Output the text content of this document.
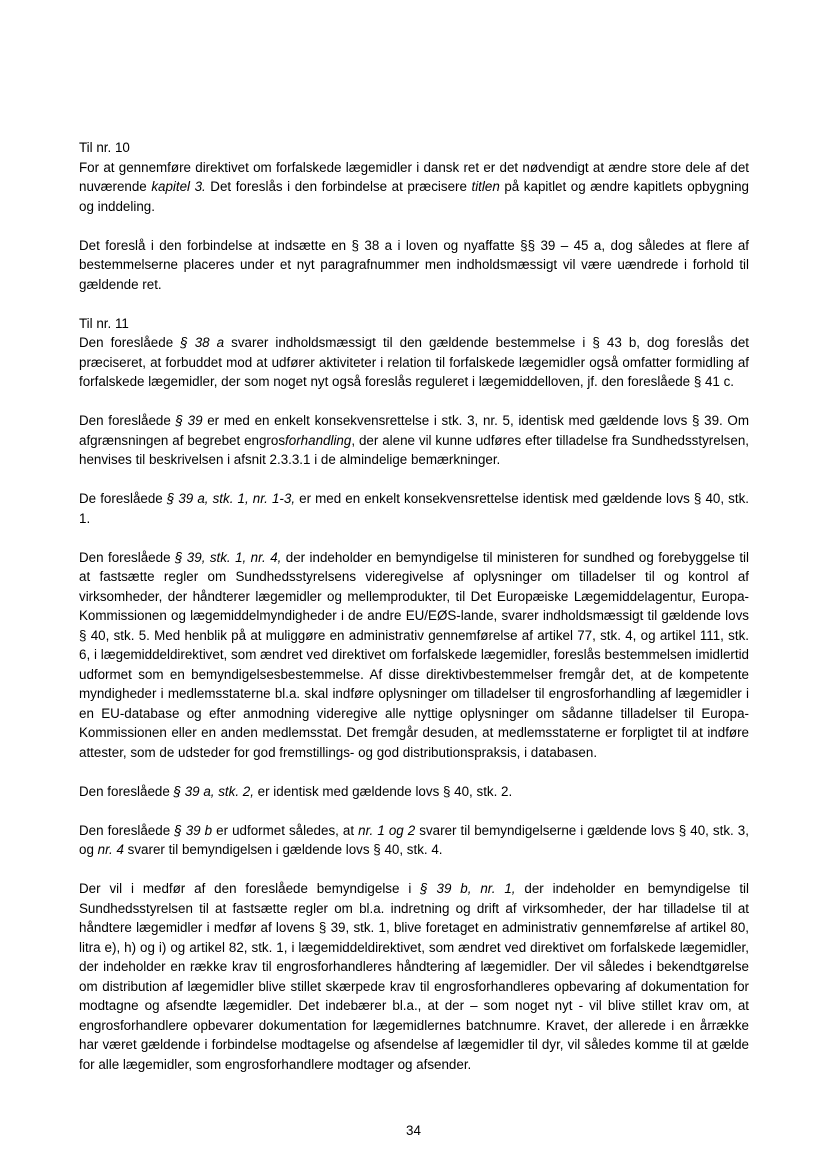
Til nr. 10
For at gennemføre direktivet om forfalskede lægemidler i dansk ret er det nødvendigt at ændre store dele af det nuværende kapitel 3. Det foreslås i den forbindelse at præcisere titlen på kapitlet og ændre kapitlets opbygning og inddeling.

Det foreslå i den forbindelse at indsætte en § 38 a i loven og nyaffatte §§ 39 – 45 a, dog således at flere af bestemmelserne placeres under et nyt paragrafnummer men indholdsmæssigt vil være uændrede i forhold til gældende ret.

Til nr. 11
Den foreslåede § 38 a svarer indholdsmæssigt til den gældende bestemmelse i § 43 b, dog foreslås det præciseret, at forbuddet mod at udfører aktiviteter i relation til forfalskede lægemidler også omfatter formidling af forfalskede lægemidler, der som noget nyt også foreslås reguleret i lægemiddelloven, jf. den foreslåede § 41 c.

Den foreslåede § 39 er med en enkelt konsekvensrettelse i stk. 3, nr. 5, identisk med gældende lovs § 39. Om afgrænsningen af begrebet engrosforhandling, der alene vil kunne udføres efter tilladelse fra Sundhedsstyrelsen, henvises til beskrivelsen i afsnit 2.3.3.1 i de almindelige bemærkninger.

De foreslåede § 39 a, stk. 1, nr. 1-3, er med en enkelt konsekvensrettelse identisk med gældende lovs § 40, stk. 1.

Den foreslåede § 39, stk. 1, nr. 4, der indeholder en bemyndigelse til ministeren for sundhed og forebyggelse til at fastsætte regler om Sundhedsstyrelsens videregivelse af oplysninger om tilladelser til og kontrol af virksomheder, der håndterer lægemidler og mellemprodukter, til Det Europæiske Lægemiddelagentur, Europa-Kommissionen og lægemiddelmyndigheder i de andre EU/EØS-lande, svarer indholdsmæssigt til gældende lovs § 40, stk. 5. Med henblik på at muliggøre en administrativ gennemførelse af artikel 77, stk. 4, og artikel 111, stk. 6, i lægemiddeldirektivet, som ændret ved direktivet om forfalskede lægemidler, foreslås bestemmelsen imidlertid udformet som en bemyndigelsesbestemmelse. Af disse direktivbestemmelser fremgår det, at de kompetente myndigheder i medlemsstaterne bl.a. skal indføre oplysninger om tilladelser til engrosforhandling af lægemidler i en EU-database og efter anmodning videregive alle nyttige oplysninger om sådanne tilladelser til Europa-Kommissionen eller en anden medlemsstat. Det fremgår desuden, at medlemsstaterne er forpligtet til at indføre attester, som de udsteder for god fremstillings- og god distributionspraksis, i databasen.

Den foreslåede § 39 a, stk. 2, er identisk med gældende lovs § 40, stk. 2.

Den foreslåede § 39 b er udformet således, at nr. 1 og 2 svarer til bemyndigelserne i gældende lovs § 40, stk. 3, og nr. 4 svarer til bemyndigelsen i gældende lovs § 40, stk. 4.

Der vil i medfør af den foreslåede bemyndigelse i § 39 b, nr. 1, der indeholder en bemyndigelse til Sundhedsstyrelsen til at fastsætte regler om bl.a. indretning og drift af virksomheder, der har tilladelse til at håndtere lægemidler i medfør af lovens § 39, stk. 1, blive foretaget en administrativ gennemførelse af artikel 80, litra e), h) og i) og artikel 82, stk. 1, i lægemiddeldirektivet, som ændret ved direktivet om forfalskede lægemidler, der indeholder en række krav til engrosforhandleres håndtering af lægemidler. Der vil således i bekendtgørelse om distribution af lægemidler blive stillet skærpede krav til engrosforhandleres opbevaring af dokumentation for modtagne og afsendte lægemidler. Det indebærer bl.a., at der – som noget nyt - vil blive stillet krav om, at engrosforhandlere opbevarer dokumentation for lægemidlernes batchnumre. Kravet, der allerede i en årrække har været gældende i forbindelse modtagelse og afsendelse af lægemidler til dyr, vil således komme til at gælde for alle lægemidler, som engrosforhandlere modtager og afsender.

34
